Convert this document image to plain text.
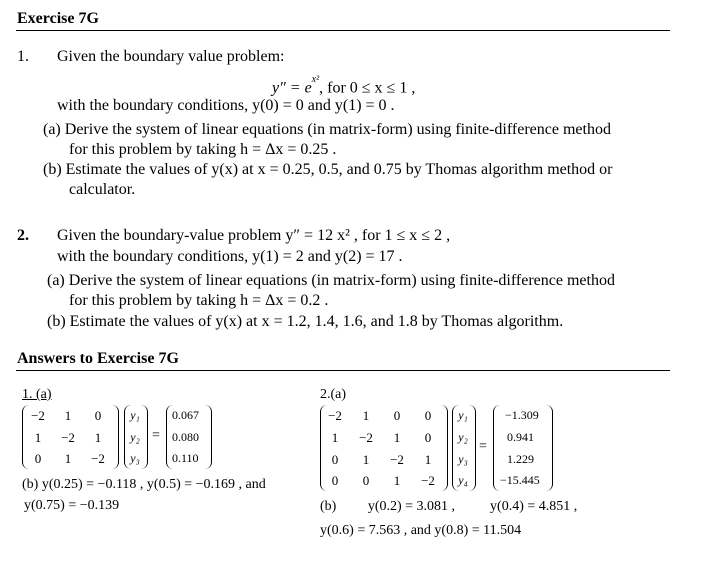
Exercise 7G
1. Given the boundary value problem:
$y'' = e^{x^2}$, for 0 ≤ x ≤ 1 ,
with the boundary conditions, y(0) = 0 and y(1) = 0 .
(a) Derive the system of linear equations (in matrix-form) using finite-difference method
for this problem by taking h = Δx = 0.25 .
(b) Estimate the values of y(x) at x = 0.25, 0.5, and 0.75 by Thomas algorithm method or
calculator.
2. Given the boundary-value problem y″ = 12 x² , for 1 ≤ x ≤ 2 ,
with the boundary conditions, y(1) = 2 and y(2) = 17 .
(a) Derive the system of linear equations (in matrix-form) using finite-difference method
for this problem by taking h = Δx = 0.2 .
(b) Estimate the values of y(x) at x = 1.2, 1.4, 1.6, and 1.8 by Thomas algorithm.
Answers to Exercise 7G
1. (a)
=
−2	1	0
1	−2	1
0	1	−2
y₁
y₂
y₃
0.067
0.080
0.110
(b) y(0.25) = −0.118 , y(0.5) = −0.169 , and
y(0.75) = −0.139
2.(a)
=
−2	1	0	0
1	−2	1	0
0	1	−2	1
0	0	1	−2
y₁
y₂
y₃
y₄
−1.309
0.941
1.229
−15.445
(b)         y(0.2) = 3.081 ,          y(0.4) = 4.851 ,
y(0.6) = 7.563 , and y(0.8) = 11.504
